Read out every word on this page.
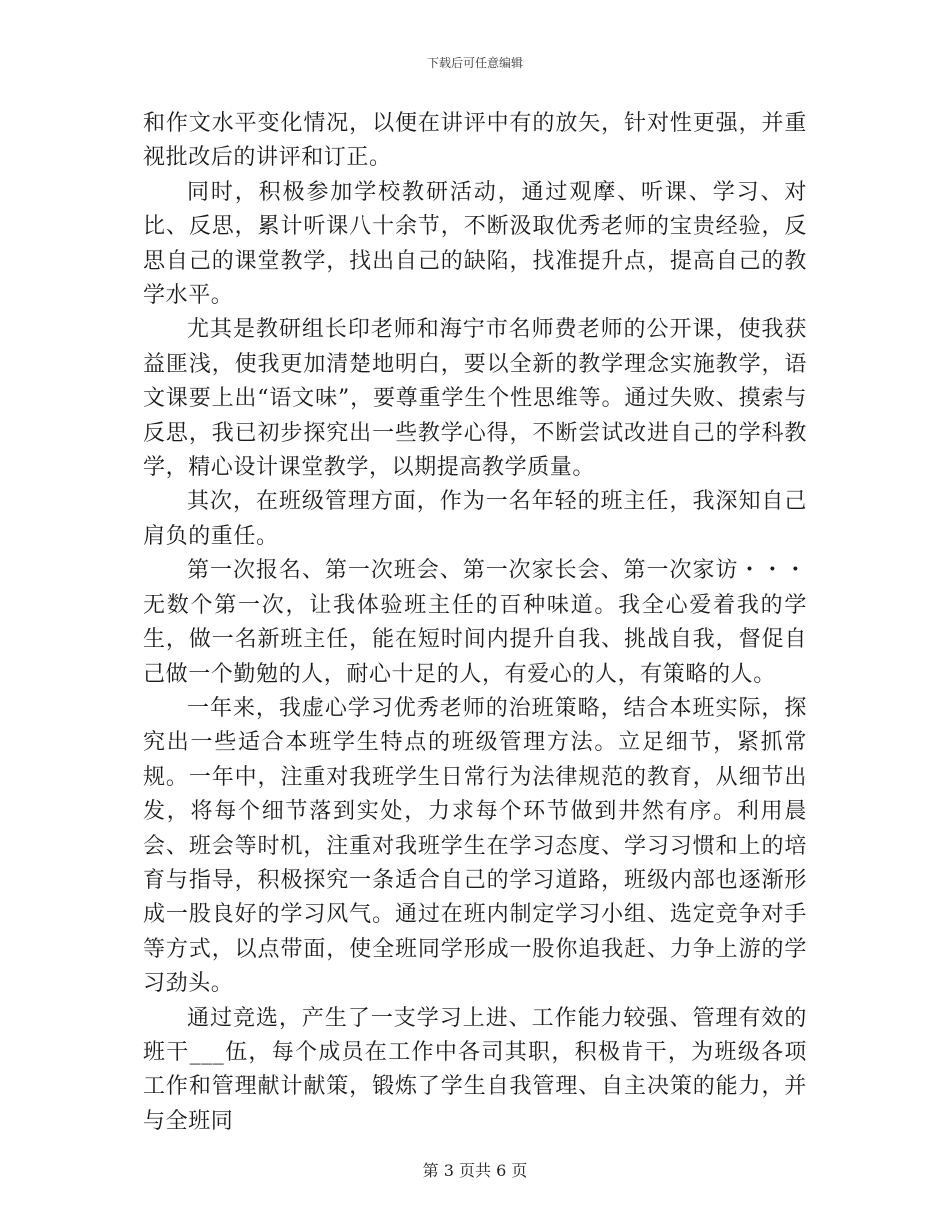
下载后可任意编辑

和作文水平变化情况，以便在讲评中有的放矢，针对性更强，并重视批改后的讲评和订正。

同时，积极参加学校教研活动，通过观摩、听课、学习、对比、反思，累计听课八十余节，不断汲取优秀老师的宝贵经验，反思自己的课堂教学，找出自己的缺陷，找准提升点，提高自己的教学水平。

尤其是教研组长印老师和海宁市名师费老师的公开课，使我获益匪浅，使我更加清楚地明白，要以全新的教学理念实施教学，语文课要上出“语文味”，要尊重学生个性思维等。通过失败、摸索与反思，我已初步探究出一些教学心得，不断尝试改进自己的学科教学，精心设计课堂教学，以期提高教学质量。

其次，在班级管理方面，作为一名年轻的班主任，我深知自己肩负的重任。

第一次报名、第一次班会、第一次家长会、第一次家访・・・无数个第一次，让我体验班主任的百种味道。我全心爱着我的学生，做一名新班主任，能在短时间内提升自我、挑战自我，督促自己做一个勤勉的人，耐心十足的人，有爱心的人，有策略的人。

一年来，我虚心学习优秀老师的治班策略，结合本班实际，探究出一些适合本班学生特点的班级管理方法。立足细节，紧抓常规。一年中，注重对我班学生日常行为法律规范的教育，从细节出发，将每个细节落到实处，力求每个环节做到井然有序。利用晨会、班会等时机，注重对我班学生在学习态度、学习习惯和上的培育与指导，积极探究一条适合自己的学习道路，班级内部也逐渐形成一股良好的学习风气。通过在班内制定学习小组、选定竞争对手等方式，以点带面，使全班同学形成一股你追我赶、力争上游的学习劲头。

通过竞选，产生了一支学习上进、工作能力较强、管理有效的班干___伍，每个成员在工作中各司其职，积极肯干，为班级各项工作和管理献计献策，锻炼了学生自我管理、自主决策的能力，并与全班同

第 3 页共 6 页
